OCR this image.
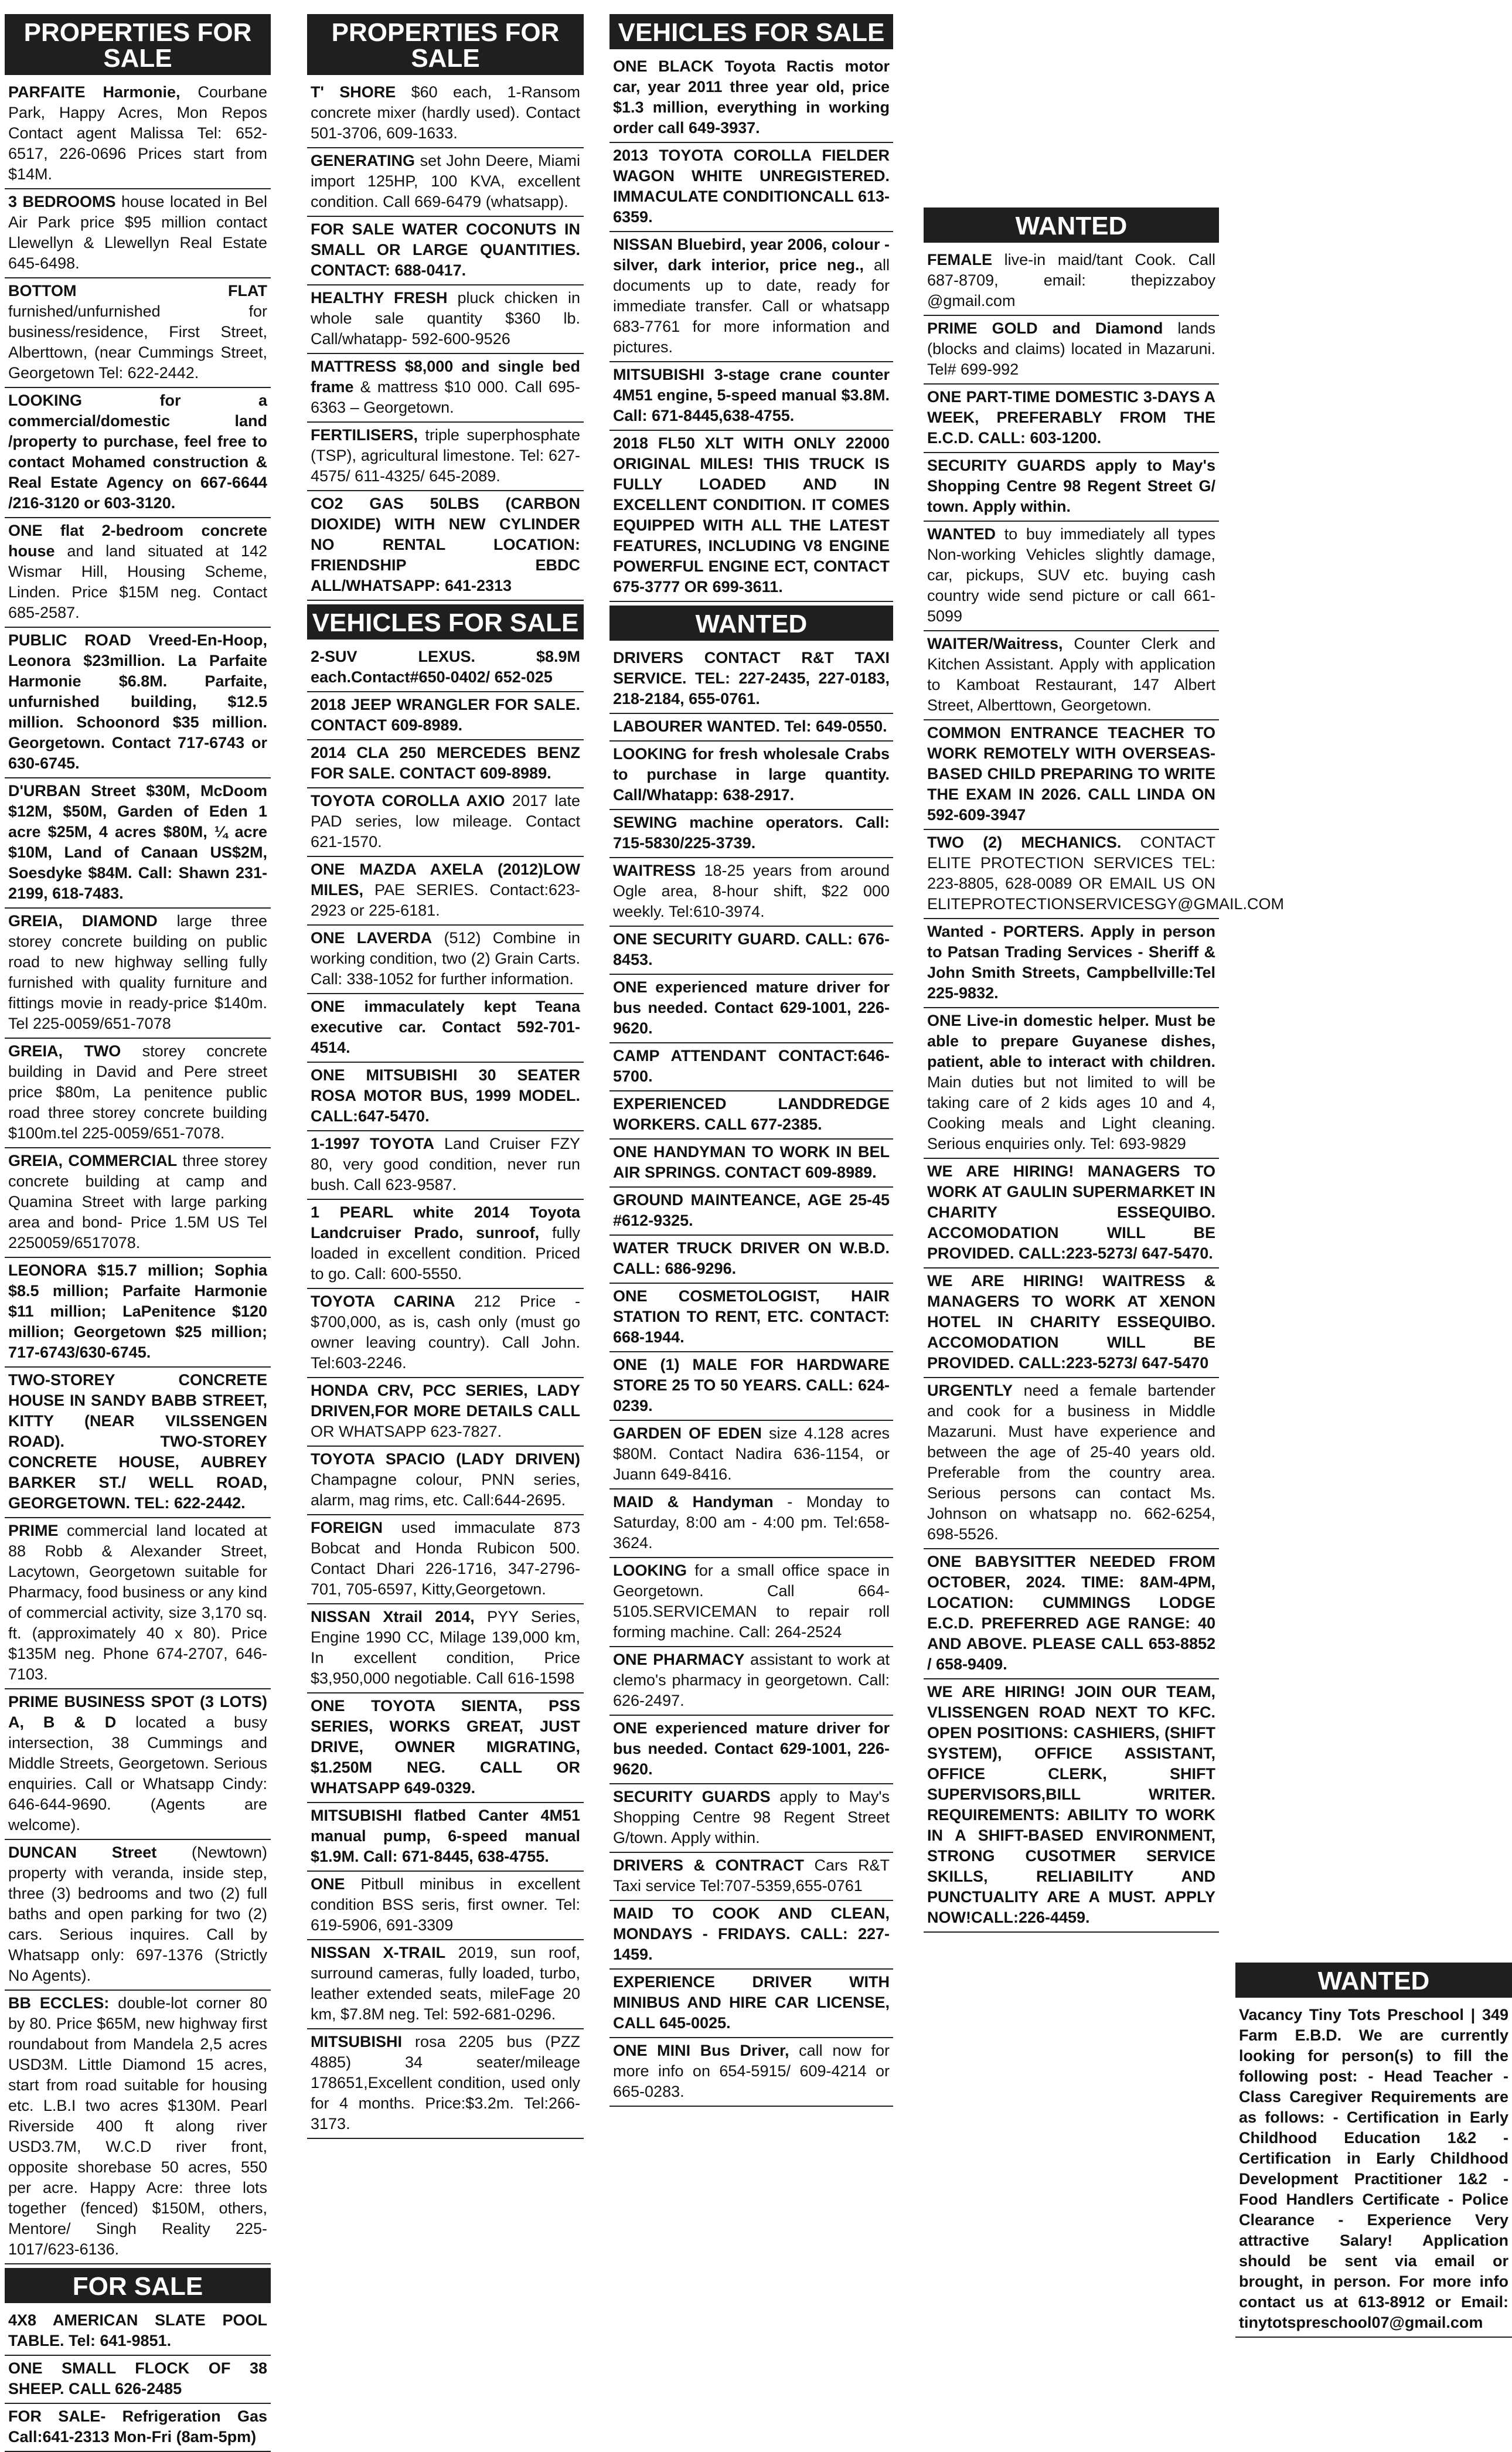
PROPERTIES FOR SALE
PARFAITE Harmonie, Courbane Park, Happy Acres, Mon Repos Contact agent Malissa Tel: 652-6517, 226-0696 Prices start from $14M.
3 BEDROOMS house located in Bel Air Park price $95 million contact Llewellyn & Llewellyn Real Estate 645-6498.
BOTTOM FLAT furnished/unfurnished for business/residence, First Street, Alberttown, (near Cummings Street, Georgetown Tel: 622-2442.
LOOKING for a commercial/domestic land /property to purchase, feel free to contact Mohamed construction & Real Estate Agency on 667-6644 /216-3120 or 603-3120.
ONE flat 2-bedroom concrete house and land situated at 142 Wismar Hill, Housing Scheme, Linden. Price $15M neg. Contact 685-2587.
PUBLIC ROAD Vreed-En-Hoop, Leonora $23million. La Parfaite Harmonie $6.8M. Parfaite, unfurnished building, $12.5 million. Schoonord $35 million. Georgetown. Contact 717-6743 or 630-6745.
D'URBAN Street $30M, McDoom $12M, $50M, Garden of Eden 1 acre $25M, 4 acres $80M, ¼ acre $10M, Land of Canaan US$2M, Soesdyke $84M. Call: Shawn 231-2199, 618-7483.
GREIA, DIAMOND large three storey concrete building on public road to new highway selling fully furnished with quality furniture and fittings movie in ready-price $140m. Tel 225-0059/651-7078
GREIA, TWO storey concrete building in David and Pere street price $80m, La penitence public road three storey concrete building $100m.tel 225-0059/651-7078.
GREIA, COMMERCIAL three storey concrete building at camp and Quamina Street with large parking area and bond- Price 1.5M US Tel 2250059/6517078.
LEONORA $15.7 million; Sophia $8.5 million; Parfaite Harmonie $11 million; LaPenitence $120 million; Georgetown $25 million; 717-6743/630-6745.
TWO-STOREY CONCRETE HOUSE IN SANDY BABB STREET, KITTY (NEAR VILSSENGEN ROAD). TWO-STOREY CONCRETE HOUSE, AUBREY BARKER ST./ WELL ROAD, GEORGETOWN. TEL: 622-2442.
PRIME commercial land located at 88 Robb & Alexander Street, Lacytown, Georgetown suitable for Pharmacy, food business or any kind of commercial activity, size 3,170 sq. ft. (approximately 40 x 80). Price $135M neg. Phone 674-2707, 646-7103.
PRIME BUSINESS SPOT (3 LOTS) A, B & D located a busy intersection, 38 Cummings and Middle Streets, Georgetown. Serious enquiries. Call or Whatsapp Cindy: 646-644-9690. (Agents are welcome).
DUNCAN Street (Newtown) property with veranda, inside step, three (3) bedrooms and two (2) full baths and open parking for two (2) cars. Serious inquires. Call by Whatsapp only: 697-1376 (Strictly No Agents).
BB ECCLES: double-lot corner 80 by 80. Price $65M, new highway first roundabout from Mandela 2,5 acres USD3M. Little Diamond 15 acres, start from road suitable for housing etc. L.B.I two acres $130M. Pearl Riverside 400 ft along river USD3.7M, W.C.D river front, opposite shorebase 50 acres, 550 per acre. Happy Acre: three lots together (fenced) $150M, others, Mentore/ Singh Reality 225-1017/623-6136.
FOR SALE
4X8 AMERICAN SLATE POOL TABLE. Tel: 641-9851.
ONE SMALL FLOCK OF 38 SHEEP. CALL 626-2485
FOR SALE- Refrigeration Gas Call:641-2313 Mon-Fri (8am-5pm)
PROPERTIES FOR SALE
T' SHORE $60 each, 1-Ransom concrete mixer (hardly used). Contact 501-3706, 609-1633.
GENERATING set John Deere, Miami import 125HP, 100 KVA, excellent condition. Call 669-6479 (whatsapp).
FOR SALE WATER COCONUTS IN SMALL OR LARGE QUANTITIES. CONTACT: 688-0417.
HEALTHY FRESH pluck chicken in whole sale quantity $360 lb. Call/whatapp- 592-600-9526
MATTRESS $8,000 and single bed frame & mattress $10 000. Call 695-6363 – Georgetown.
FERTILISERS, triple superphosphate (TSP), agricultural limestone. Tel: 627-4575/ 611-4325/ 645-2089.
CO2 GAS 50LBS (CARBON DIOXIDE) WITH NEW CYLINDER NO RENTAL LOCATION: FRIENDSHIP EBDC ALL/WHATSAPP: 641-2313
VEHICLES FOR SALE
2-SUV LEXUS. $8.9M each.Contact#650-0402/ 652-025
2018 JEEP WRANGLER FOR SALE. CONTACT 609-8989.
2014 CLA 250 MERCEDES BENZ FOR SALE. CONTACT 609-8989.
TOYOTA COROLLA AXIO 2017 late PAD series, low mileage. Contact 621-1570.
ONE MAZDA AXELA (2012)LOW MILES, PAE SERIES. Contact:623-2923 or 225-6181.
ONE LAVERDA (512) Combine in working condition, two (2) Grain Carts. Call: 338-1052 for further information.
ONE immaculately kept Teana executive car. Contact 592-701-4514.
ONE MITSUBISHI 30 SEATER ROSA MOTOR BUS, 1999 MODEL. CALL:647-5470.
1-1997 TOYOTA Land Cruiser FZY 80, very good condition, never run bush. Call 623-9587.
1 PEARL white 2014 Toyota Landcruiser Prado, sunroof, fully loaded in excellent condition. Priced to go. Call: 600-5550.
TOYOTA CARINA 212 Price - $700,000, as is, cash only (must go owner leaving country). Call John. Tel:603-2246.
HONDA CRV, PCC SERIES, LADY DRIVEN,FOR MORE DETAILS CALL OR WHATSAPP 623-7827.
TOYOTA SPACIO (LADY DRIVEN) Champagne colour, PNN series, alarm, mag rims, etc. Call:644-2695.
FOREIGN used immaculate 873 Bobcat and Honda Rubicon 500. Contact Dhari 226-1716, 347-2796-701, 705-6597, Kitty,Georgetown.
NISSAN Xtrail 2014, PYY Series, Engine 1990 CC, Milage 139,000 km, In excellent condition, Price $3,950,000 negotiable. Call 616-1598
ONE TOYOTA SIENTA, PSS SERIES, WORKS GREAT, JUST DRIVE, OWNER MIGRATING, $1.250M NEG. CALL OR WHATSAPP 649-0329.
MITSUBISHI flatbed Canter 4M51 manual pump, 6-speed manual $1.9M. Call: 671-8445, 638-4755.
ONE Pitbull minibus in excellent condition BSS seris, first owner. Tel: 619-5906, 691-3309
NISSAN X-TRAIL 2019, sun roof, surround cameras, fully loaded, turbo, leather extended seats, mileFage 20 km, $7.8M neg. Tel: 592-681-0296.
MITSUBISHI rosa 2205 bus (PZZ 4885) 34 seater/mileage 178651,Excellent condition, used only for 4 months. Price:$3.2m. Tel:266-3173.
VEHICLES FOR SALE
ONE BLACK Toyota Ractis motor car, year 2011 three year old, price $1.3 million, everything in working order call 649-3937.
2013 TOYOTA COROLLA FIELDER WAGON WHITE UNREGISTERED. IMMACULATE CONDITIONCALL 613-6359.
NISSAN Bluebird, year 2006, colour - silver, dark interior, price neg., all documents up to date, ready for immediate transfer. Call or whatsapp 683-7761 for more information and pictures.
MITSUBISHI 3-stage crane counter 4M51 engine, 5-speed manual $3.8M. Call: 671-8445,638-4755.
2018 FL50 XLT WITH ONLY 22000 ORIGINAL MILES! THIS TRUCK IS FULLY LOADED AND IN EXCELLENT CONDITION. IT COMES EQUIPPED WITH ALL THE LATEST FEATURES, INCLUDING V8 ENGINE POWERFUL ENGINE ECT, CONTACT 675-3777 OR 699-3611.
WANTED
DRIVERS CONTACT R&T TAXI SERVICE. TEL: 227-2435, 227-0183, 218-2184, 655-0761.
LABOURER WANTED. Tel: 649-0550.
LOOKING for fresh wholesale Crabs to purchase in large quantity. Call/Whatapp: 638-2917.
SEWING machine operators. Call: 715-5830/225-3739.
WAITRESS 18-25 years from around Ogle area, 8-hour shift, $22 000 weekly. Tel:610-3974.
ONE SECURITY GUARD. CALL: 676-8453.
ONE experienced mature driver for bus needed. Contact 629-1001, 226-9620.
CAMP ATTENDANT CONTACT:646-5700.
EXPERIENCED LANDDREDGE WORKERS. CALL 677-2385.
ONE HANDYMAN TO WORK IN BEL AIR SPRINGS. CONTACT 609-8989.
GROUND MAINTEANCE, AGE 25-45 #612-9325.
WATER TRUCK DRIVER ON W.B.D. CALL: 686-9296.
ONE COSMETOLOGIST, HAIR STATION TO RENT, ETC. CONTACT: 668-1944.
ONE (1) MALE FOR HARDWARE STORE 25 TO 50 YEARS. CALL: 624-0239.
GARDEN OF EDEN size 4.128 acres $80M. Contact Nadira 636-1154, or Juann 649-8416.
MAID & Handyman - Monday to Saturday, 8:00 am - 4:00 pm. Tel:658-3624.
LOOKING for a small office space in Georgetown. Call 664-5105.SERVICEMAN to repair roll forming machine. Call: 264-2524
ONE PHARMACY assistant to work at clemo's pharmacy in georgetown. Call: 626-2497.
ONE experienced mature driver for bus needed. Contact 629-1001, 226-9620.
SECURITY GUARDS apply to May's Shopping Centre 98 Regent Street G/town. Apply within.
DRIVERS & CONTRACT Cars R&T Taxi service Tel:707-5359,655-0761
MAID TO COOK AND CLEAN, MONDAYS - FRIDAYS. CALL: 227-1459.
EXPERIENCE DRIVER WITH MINIBUS AND HIRE CAR LICENSE, CALL 645-0025.
ONE MINI Bus Driver, call now for more info on 654-5915/ 609-4214 or 665-0283.
WANTED
FEMALE live-in maid/tant Cook. Call 687-8709, email: thepizzaboy @gmail.com
PRIME GOLD and Diamond lands (blocks and claims) located in Mazaruni. Tel# 699-992
ONE PART-TIME DOMESTIC 3-DAYS A WEEK, PREFERABLY FROM THE E.C.D. CALL: 603-1200.
SECURITY GUARDS apply to May's Shopping Centre 98 Regent Street G/ town. Apply within.
WANTED to buy immediately all types Non-working Vehicles slightly damage, car, pickups, SUV etc. buying cash country wide send picture or call 661-5099
WAITER/Waitress, Counter Clerk and Kitchen Assistant. Apply with application to Kamboat Restaurant, 147 Albert Street, Alberttown, Georgetown.
COMMON ENTRANCE TEACHER TO WORK REMOTELY WITH OVERSEAS-BASED CHILD PREPARING TO WRITE THE EXAM IN 2026. CALL LINDA ON 592-609-3947
TWO (2) MECHANICS. CONTACT ELITE PROTECTION SERVICES TEL: 223-8805, 628-0089 OR EMAIL US ON ELITEPROTECTIONSERVICESGY@GMAIL.COM
Wanted - PORTERS. Apply in person to Patsan Trading Services - Sheriff & John Smith Streets, Campbellville:Tel 225-9832.
ONE Live-in domestic helper. Must be able to prepare Guyanese dishes, patient, able to interact with children. Main duties but not limited to will be taking care of 2 kids ages 10 and 4, Cooking meals and Light cleaning. Serious enquiries only. Tel: 693-9829
WE ARE HIRING! MANAGERS TO WORK AT GAULIN SUPERMARKET IN CHARITY ESSEQUIBO. ACCOMODATION WILL BE PROVIDED. CALL:223-5273/ 647-5470.
WE ARE HIRING! WAITRESS & MANAGERS TO WORK AT XENON HOTEL IN CHARITY ESSEQUIBO. ACCOMODATION WILL BE PROVIDED. CALL:223-5273/ 647-5470
URGENTLY need a female bartender and cook for a business in Middle Mazaruni. Must have experience and between the age of 25-40 years old. Preferable from the country area. Serious persons can contact Ms. Johnson on whatsapp no. 662-6254, 698-5526.
ONE BABYSITTER NEEDED FROM OCTOBER, 2024. TIME: 8AM-4PM, LOCATION: CUMMINGS LODGE E.C.D. PREFERRED AGE RANGE: 40 AND ABOVE. PLEASE CALL 653-8852 / 658-9409.
WE ARE HIRING! JOIN OUR TEAM, VLISSENGEN ROAD NEXT TO KFC. OPEN POSITIONS: CASHIERS, (SHIFT SYSTEM), OFFICE ASSISTANT, OFFICE CLERK, SHIFT SUPERVISORS,BILL WRITER. REQUIREMENTS: ABILITY TO WORK IN A SHIFT-BASED ENVIRONMENT, STRONG CUSOTMER SERVICE SKILLS, RELIABILITY AND PUNCTUALITY ARE A MUST. APPLY NOW!CALL:226-4459.
WANTED
Vacancy Tiny Tots Preschool | 349 Farm E.B.D. We are currently looking for person(s) to fill the following post: - Head Teacher - Class Caregiver Requirements are as follows: - Certification in Early Childhood Education 1&2 - Certification in Early Childhood Development Practitioner 1&2 - Food Handlers Certificate - Police Clearance - Experience Very attractive Salary! Application should be sent via email or brought, in person. For more info contact us at 613-8912 or Email: tinytotspreschool07@gmail.com
